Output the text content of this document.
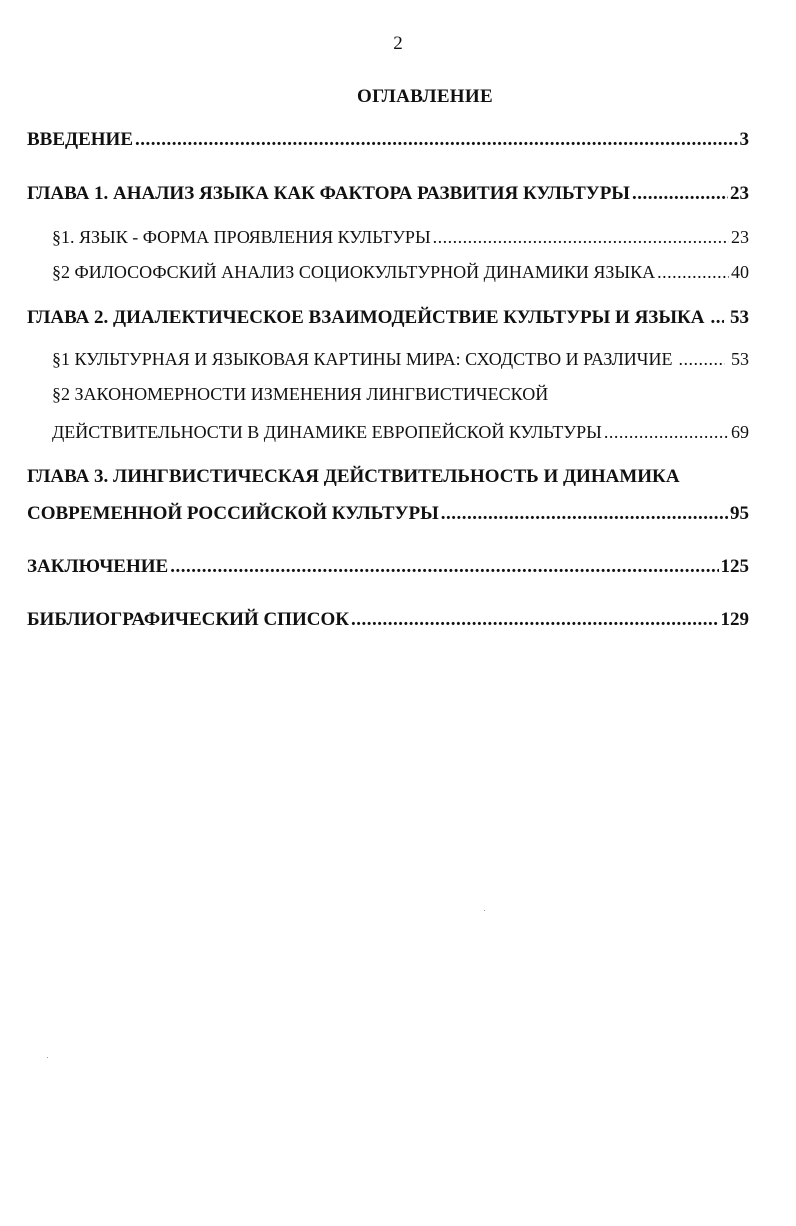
2
ОГЛАВЛЕНИЕ
ВВЕДЕНИЕ .....	3
ГЛАВА 1. АНАЛИЗ ЯЗЫКА КАК ФАКТОРА РАЗВИТИЯ КУЛЬТУРЫ .....	23
§1. ЯЗЫК - ФОРМА ПРОЯВЛЕНИЯ КУЛЬТУРЫ .....	23
§2 ФИЛОСОФСКИЙ АНАЛИЗ СОЦИОКУЛЬТУРНОЙ ДИНАМИКИ ЯЗЫКА .....	40
ГЛАВА 2. ДИАЛЕКТИЧЕСКОЕ ВЗАИМОДЕЙСТВИЕ КУЛЬТУРЫ И ЯЗЫКА ..... 53
§1 КУЛЬТУРНАЯ И ЯЗЫКОВАЯ КАРТИНЫ МИРА: СХОДСТВО И РАЗЛИЧИЕ .....	53
§2 ЗАКОНОМЕРНОСТИ ИЗМЕНЕНИЯ ЛИНГВИСТИЧЕСКОЙ
ДЕЙСТВИТЕЛЬНОСТИ В ДИНАМИКЕ ЕВРОПЕЙСКОЙ КУЛЬТУРЫ .....	69
ГЛАВА 3. ЛИНГВИСТИЧЕСКАЯ ДЕЙСТВИТЕЛЬНОСТЬ И ДИНАМИКА
СОВРЕМЕННОЙ РОССИЙСКОЙ КУЛЬТУРЫ .....	95
ЗАКЛЮЧЕНИЕ .....	125
БИБЛИОГРАФИЧЕСКИЙ СПИСОК .....	129
